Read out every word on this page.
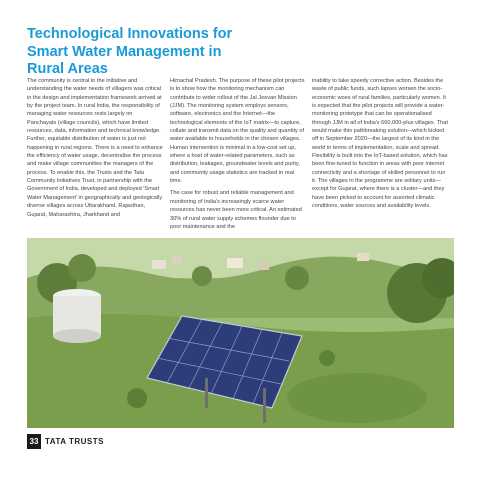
Technological Innovations for
Smart Water Management in
Rural Areas

The community is central to the initiative and understanding the water needs of villagers was critical in the design and implementation framework arrived at by the project team. In rural India, the responsibility of managing water resources rests largely on Panchayats (village councils), which have limited resources, data, information and technical knowledge. Further, equitable distribution of water is just not happening in rural regions. There is a need to enhance the efficiency of water usage, decentralise the process and make village communities the managers of the process. To enable this, the Trusts and the Tata Community Initiatives Trust, in partnership with the Government of India, developed and deployed 'Smart Water Management' in geographically and geologically diverse villages across Uttarakhand, Rajasthan, Gujarat, Maharashtra, Jharkhand and

Himachal Pradesh. The purpose of these pilot projects is to show how the monitoring mechanism can contribute to wider rollout of the Jal Jeevan Mission (JJM). The monitoring system employs sensors, software, electronics and the Internet—the technological elements of the IoT matrix—to capture, collate and transmit data on the quality and quantity of water available to households in the chosen villages. Human intervention is minimal in a low-cost set up, where a host of water-related parameters, such as distribution, leakages, groundwater levels and purity, and community usage statistics are tracked in real time.

The case for robust and reliable management and monitoring of India's increasingly scarce water resources has never been more critical. An estimated 30% of rural water supply schemes flounder due to poor maintenance and the

inability to take speedy corrective action. Besides the waste of public funds, such lapses worsen the socio-economic woes of rural families, particularly women. It is expected that the pilot projects will provide a water-monitoring prototype that can be operationalised through JJM in all of India's 660,000-plus villages. That would make this pathbreaking solution—which kicked off in September 2020—the largest of its kind in the world in terms of implementation, scale and spread. Flexibility is built into the IoT-based solution, which has been fine-tuned to function in areas with poor internet connectivity and a shortage of skilled personnel to run it. The villages in the programme are solitary units—except for Gujarat, where there is a cluster—and they have been picked to account for assorted climatic conditions, water sources and availability levels.

33 TATA TRUSTS
